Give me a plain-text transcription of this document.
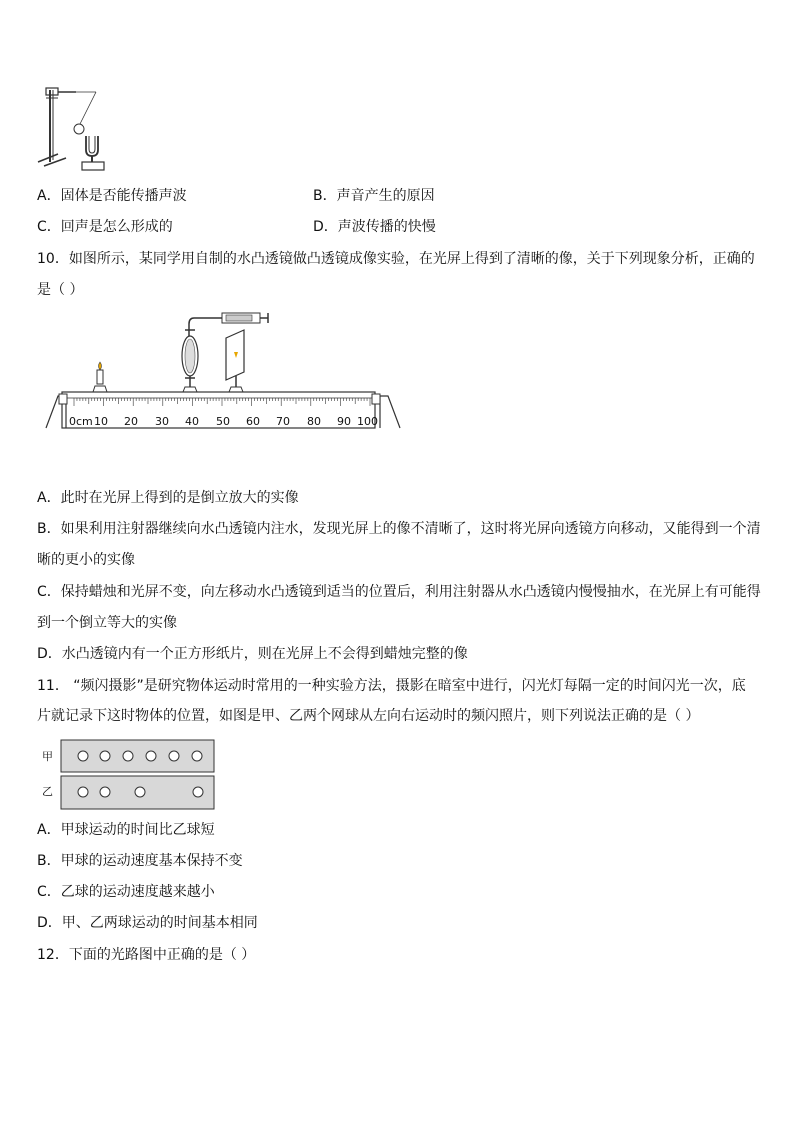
A．固体是否能传播声波	B．声音产生的原因
C．回声是怎么形成的	D．声波传播的快慢
10．如图所示，某同学用自制的水凸透镜做凸透镜成像实验，在光屏上得到了清晰的像，关于下列现象分析，正确的
是（ ）
0cm 10 20 30 40 50 60 70 80 90 100
A．此时在光屏上得到的是倒立放大的实像
B．如果利用注射器继续向水凸透镜内注水，发现光屏上的像不清晰了，这时将光屏向透镜方向移动，又能得到一个清
晰的更小的实像
C．保持蜡烛和光屏不变，向左移动水凸透镜到适当的位置后，利用注射器从水凸透镜内慢慢抽水，在光屏上有可能得
到一个倒立等大的实像
D．水凸透镜内有一个正方形纸片，则在光屏上不会得到蜡烛完整的像
11． “频闪摄影”是研究物体运动时常用的一种实验方法，摄影在暗室中进行，闪光灯每隔一定的时间闪光一次，底
片就记录下这时物体的位置，如图是甲、乙两个网球从左向右运动时的频闪照片，则下列说法正确的是（ ）
甲
乙
A．甲球运动的时间比乙球短
B．甲球的运动速度基本保持不变
C．乙球的运动速度越来越小
D．甲、乙两球运动的时间基本相同
12．下面的光路图中正确的是（ ）
